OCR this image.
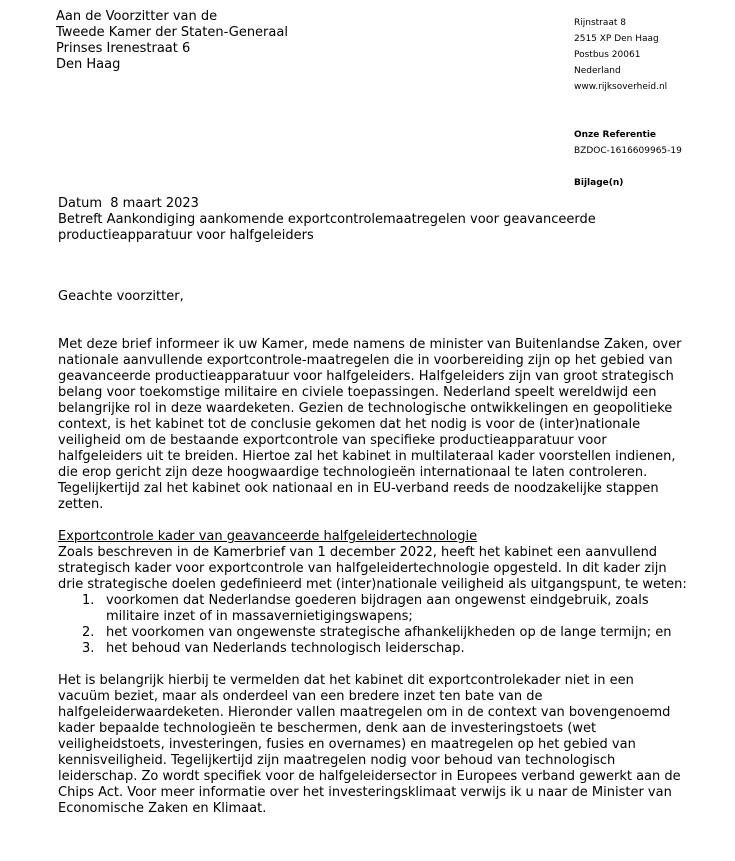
Aan de Voorzitter van de
Tweede Kamer der Staten-Generaal
Prinses Irenestraat 6
Den Haag
Rijnstraat 8
2515 XP Den Haag
Postbus 20061
Nederland
www.rijksoverheid.nl
Onze Referentie
BZDOC-1616609965-19
Bijlage(n)
Datum 8 maart 2023
Betreft Aankondiging aankomende exportcontrolemaatregelen voor geavanceerde
productieapparatuur voor halfgeleiders

Geachte voorzitter,

Met deze brief informeer ik uw Kamer, mede namens de minister van Buitenlandse Zaken, over nationale aanvullende exportcontrole-maatregelen die in voorbereiding zijn op het gebied van geavanceerde productieapparatuur voor halfgeleiders. Halfgeleiders zijn van groot strategisch belang voor toekomstige militaire en civiele toepassingen. Nederland speelt wereldwijd een belangrijke rol in deze waardeketen. Gezien de technologische ontwikkelingen en geopolitieke context, is het kabinet tot de conclusie gekomen dat het nodig is voor de (inter)nationale veiligheid om de bestaande exportcontrole van specifieke productieapparatuur voor halfgeleiders uit te breiden. Hiertoe zal het kabinet in multilateraal kader voorstellen indienen, die erop gericht zijn deze hoogwaardige technologieën internationaal te laten controleren. Tegelijkertijd zal het kabinet ook nationaal en in EU-verband reeds de noodzakelijke stappen zetten.

Exportcontrole kader van geavanceerde halfgeleidertechnologie

Zoals beschreven in de Kamerbrief van 1 december 2022, heeft het kabinet een aanvullend strategisch kader voor exportcontrole van halfgeleidertechnologie opgesteld. In dit kader zijn drie strategische doelen gedefinieerd met (inter)nationale veiligheid als uitgangspunt, te weten:

1. voorkomen dat Nederlandse goederen bijdragen aan ongewenst eindgebruik, zoals militaire inzet of in massavernietigingswapens;
2. het voorkomen van ongewenste strategische afhankelijkheden op de lange termijn; en
3. het behoud van Nederlands technologisch leiderschap.

Het is belangrijk hierbij te vermelden dat het kabinet dit exportcontrolekader niet in een vacuüm beziet, maar als onderdeel van een bredere inzet ten bate van de halfgeleiderwaardeketen. Hieronder vallen maatregelen om in de context van bovengenoemd kader bepaalde technologieën te beschermen, denk aan de investeringstoets (wet veiligheidstoets, investeringen, fusies en overnames) en maatregelen op het gebied van kennisveiligheid. Tegelijkertijd zijn maatregelen nodig voor behoud van technologisch leiderschap. Zo wordt specifiek voor de halfgeleidersector in Europees verband gewerkt aan de Chips Act. Voor meer informatie over het investeringsklimaat verwijs ik u naar de Minister van Economische Zaken en Klimaat.
